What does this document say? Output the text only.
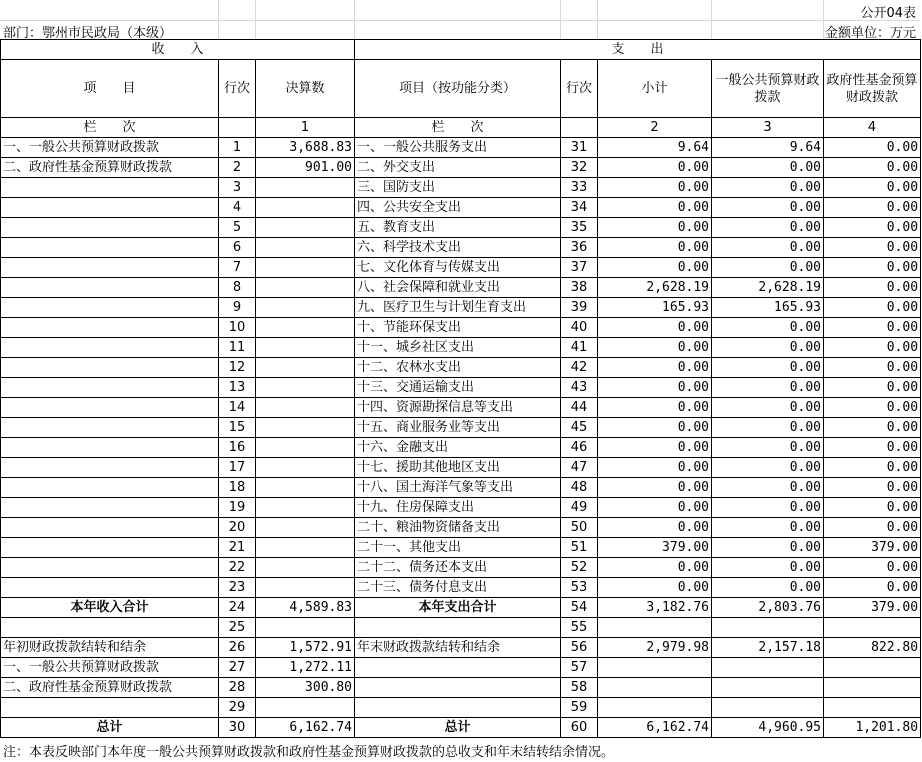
公开04表
部门：鄂州市民政局（本级）	金额单位：万元
收　　入			支　　出				
项　　目	行次	决算数	项目（按功能分类）	行次	小计	一般公共预算财政拨款	政府性基金预算财政拨款
栏　　次		1	栏　　次		2	3	4
一、一般公共预算财政拨款	1	3,688.83	一、一般公共服务支出	31	9.64	9.64	0.00
二、政府性基金预算财政拨款	2	901.00	二、外交支出	32	0.00	0.00	0.00
	3		三、国防支出	33	0.00	0.00	0.00
	4		四、公共安全支出	34	0.00	0.00	0.00
	5		五、教育支出	35	0.00	0.00	0.00
	6		六、科学技术支出	36	0.00	0.00	0.00
	7		七、文化体育与传媒支出	37	0.00	0.00	0.00
	8		八、社会保障和就业支出	38	2,628.19	2,628.19	0.00
	9		九、医疗卫生与计划生育支出	39	165.93	165.93	0.00
	10		十、节能环保支出	40	0.00	0.00	0.00
	11		十一、城乡社区支出	41	0.00	0.00	0.00
	12		十二、农林水支出	42	0.00	0.00	0.00
	13		十三、交通运输支出	43	0.00	0.00	0.00
	14		十四、资源勘探信息等支出	44	0.00	0.00	0.00
	15		十五、商业服务业等支出	45	0.00	0.00	0.00
	16		十六、金融支出	46	0.00	0.00	0.00
	17		十七、援助其他地区支出	47	0.00	0.00	0.00
	18		十八、国土海洋气象等支出	48	0.00	0.00	0.00
	19		十九、住房保障支出	49	0.00	0.00	0.00
	20		二十、粮油物资储备支出	50	0.00	0.00	0.00
	21		二十一、其他支出	51	379.00	0.00	379.00
	22		二十二、债务还本支出	52	0.00	0.00	0.00
	23		二十三、债务付息支出	53	0.00	0.00	0.00
本年收入合计	24	4,589.83	本年支出合计	54	3,182.76	2,803.76	379.00
	25			55			
年初财政拨款结转和结余	26	1,572.91	年末财政拨款结转和结余	56	2,979.98	2,157.18	822.80
一、一般公共预算财政拨款	27	1,272.11		57			
二、政府性基金预算财政拨款	28	300.80		58			
	29			59			
总计	30	6,162.74	总计	60	6,162.74	4,960.95	1,201.80
注：本表反映部门本年度一般公共预算财政拨款和政府性基金预算财政拨款的总收支和年末结转结余情况。
